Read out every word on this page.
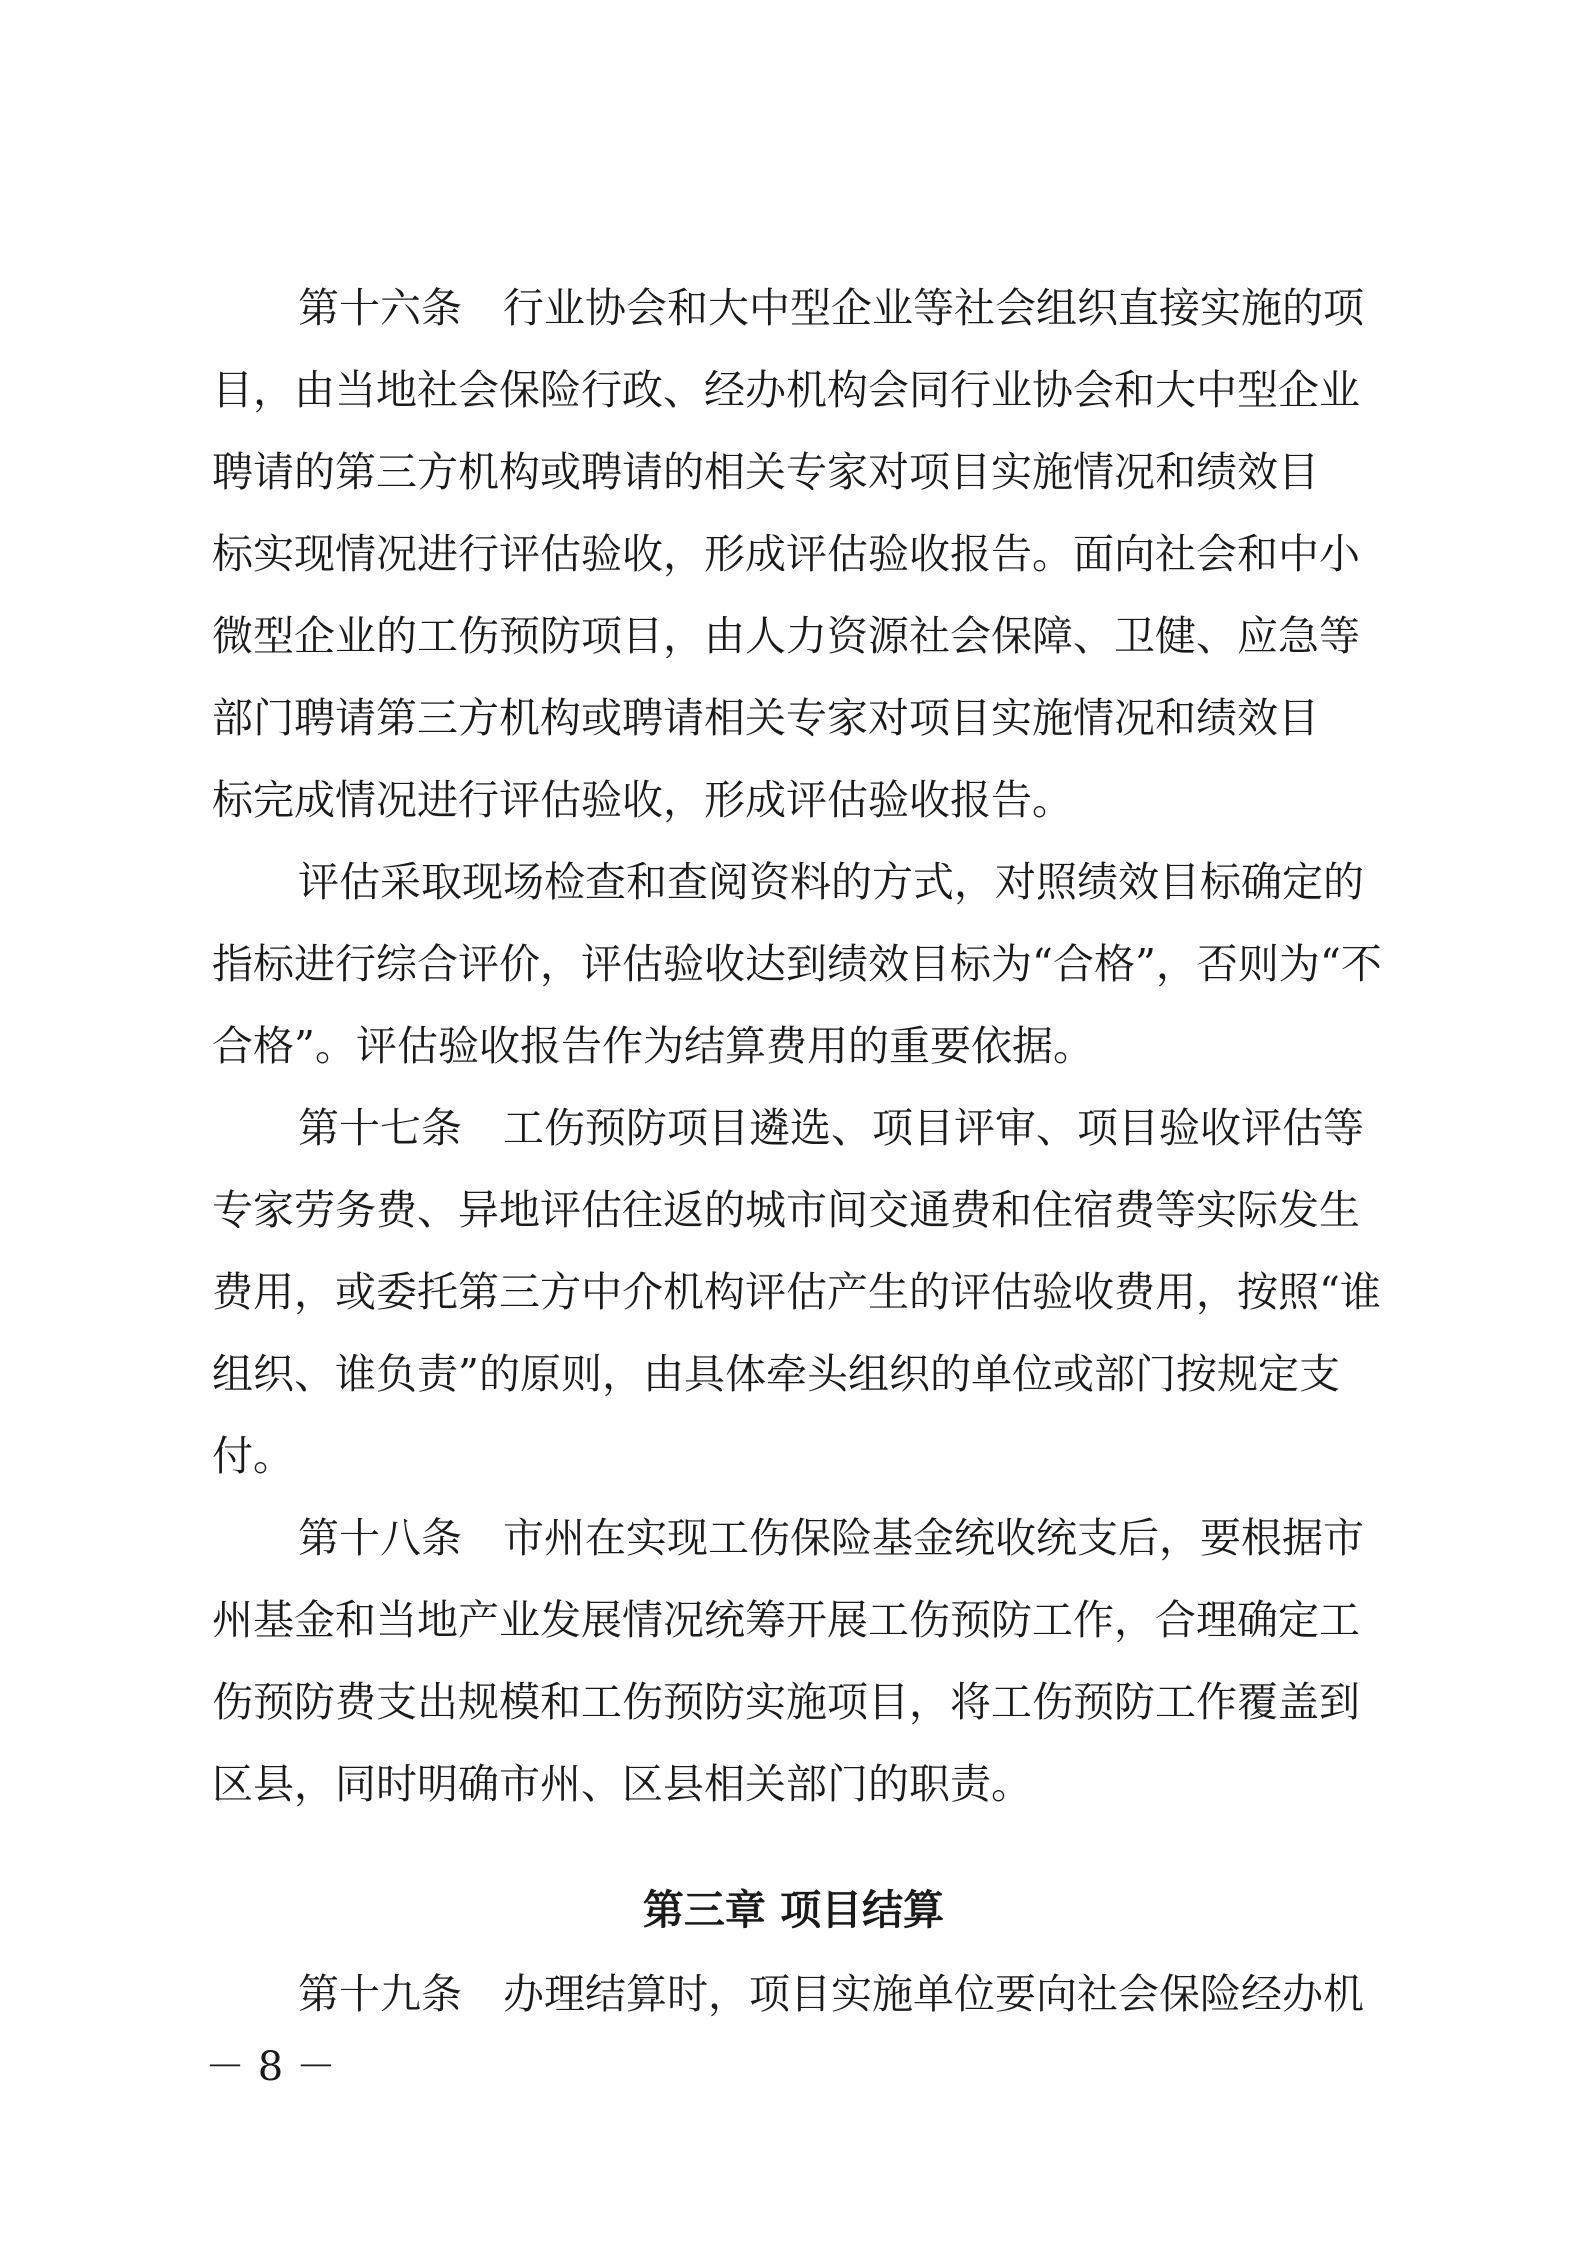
第十六条　行业协会和大中型企业等社会组织直接实施的项
目，由当地社会保险行政、经办机构会同行业协会和大中型企业
聘请的第三方机构或聘请的相关专家对项目实施情况和绩效目
标实现情况进行评估验收，形成评估验收报告。面向社会和中小
微型企业的工伤预防项目，由人力资源社会保障、卫健、应急等
部门聘请第三方机构或聘请相关专家对项目实施情况和绩效目
标完成情况进行评估验收，形成评估验收报告。
评估采取现场检查和查阅资料的方式，对照绩效目标确定的
指标进行综合评价，评估验收达到绩效目标为“合格”，否则为“不
合格”。评估验收报告作为结算费用的重要依据。
第十七条　工伤预防项目遴选、项目评审、项目验收评估等
专家劳务费、异地评估往返的城市间交通费和住宿费等实际发生
费用，或委托第三方中介机构评估产生的评估验收费用，按照“谁
组织、谁负责”的原则，由具体牵头组织的单位或部门按规定支
付。
第十八条　市州在实现工伤保险基金统收统支后，要根据市
州基金和当地产业发展情况统筹开展工伤预防工作，合理确定工
伤预防费支出规模和工伤预防实施项目，将工伤预防工作覆盖到
区县，同时明确市州、区县相关部门的职责。
第三章 项目结算
第十九条　办理结算时，项目实施单位要向社会保险经办机
－ 8 －
